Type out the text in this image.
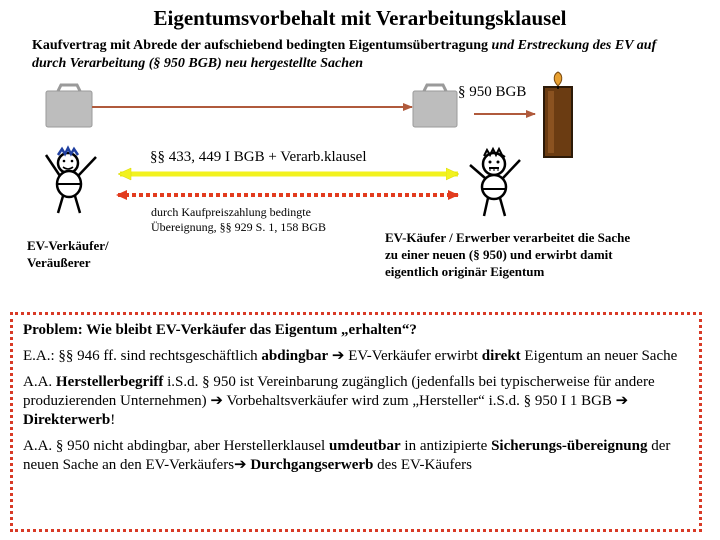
Eigentumsvorbehalt mit Verarbeitungsklausel
Kaufvertrag mit Abrede der aufschiebend bedingten Eigentumsübertragung und Erstreckung des EV auf durch Verarbeitung (§ 950 BGB) neu hergestellte Sachen
§ 950 BGB
§§ 433, 449 I BGB + Verarb.klausel
durch Kaufpreiszahlung bedingte
Übereignung, §§ 929 S. 1, 158 BGB
EV-Verkäufer/
Veräußerer
EV-Käufer / Erwerber verarbeitet die Sache
zu einer neuen (§ 950) und erwirbt damit
eigentlich originär Eigentum

Problem: Wie bleibt EV-Verkäufer das Eigentum „erhalten“?

E.A.: §§ 946 ff. sind rechtsgeschäftlich abdingbar ➔ EV-Verkäufer erwirbt direkt Eigentum an neuer Sache

A.A. Herstellerbegriff i.S.d. § 950 ist Vereinbarung zugänglich (jedenfalls bei typischerweise für andere produzierenden Unternehmen) ➔ Vorbehaltsverkäufer wird zum „Hersteller“ i.S.d. § 950 I 1 BGB ➔ Direkterwerb!

A.A. § 950 nicht abdingbar, aber Herstellerklausel umdeutbar in antizipierte Sicherungs-übereignung der neuen Sache an den EV-Verkäufers➔ Durchgangserwerb des EV-Käufers
